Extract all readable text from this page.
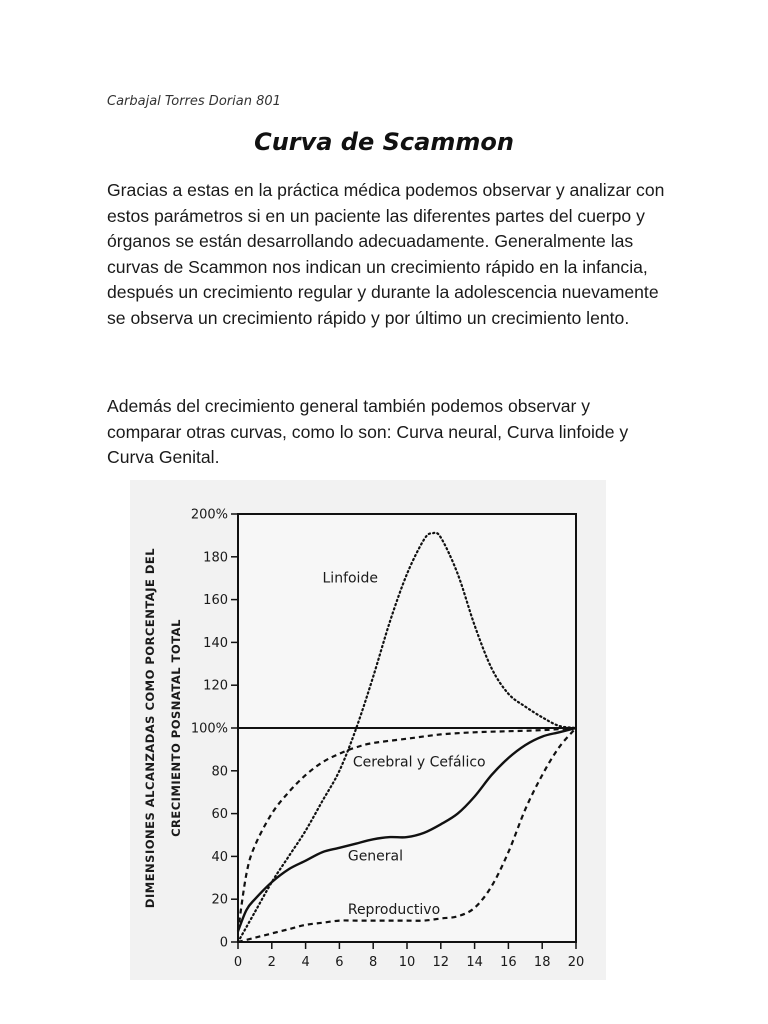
Carbajal Torres Dorian 801
Curva de Scammon

Gracias a estas en la práctica médica podemos observar y analizar con estos parámetros si en un paciente las diferentes partes del cuerpo y órganos se están desarrollando adecuadamente. Generalmente las curvas de Scammon nos indican un crecimiento rápido en la infancia, después un crecimiento regular y durante la adolescencia nuevamente se observa un crecimiento rápido y por último un crecimiento lento.

Además del crecimiento general también podemos observar y comparar otras curvas, como lo son: Curva neural, Curva linfoide y Curva Genital.

0
20
40
60
80
100%
120
140
160
180
200%
0 2 4 6 8 10 12 14 16 18 20
DIMENSIONES ALCANZADAS COMO PORCENTAJE DEL CRECIMIENTO POSNATAL TOTAL
Linfoide
Cerebral y Cefálico
General
Reproductivo
